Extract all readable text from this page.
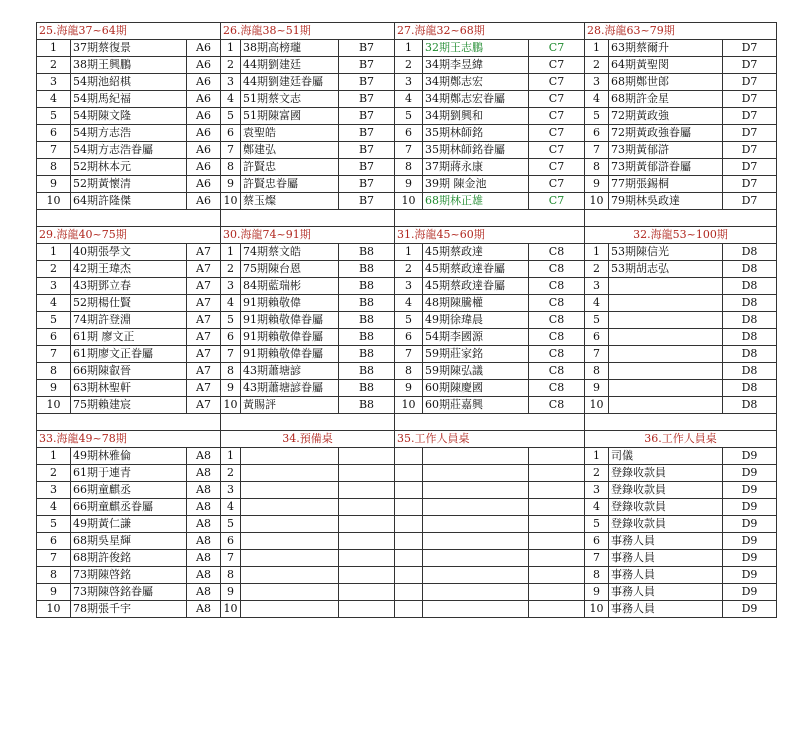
25.海龍37~64期			26.海龍38~51期			27.海龍32~68期			28.海龍63~79期		
1	37期蔡復景	A6	1	38期高榜瓏	B7	1	32期王志鵬	C7	1	63期蔡爾升	D7
2	38期王興鵬	A6	2	44期劉建廷	B7	2	34期李昱緯	C7	2	64期黃聖閔	D7
3	54期池紹棋	A6	3	44期劉建廷眷屬	B7	3	34期鄭志宏	C7	3	68期鄭世郎	D7
4	54期馬紀福	A6	4	51期蔡文志	B7	4	34期鄭志宏眷屬	C7	4	68期許金星	D7
5	54期陳文隆	A6	5	51期陳富國	B7	5	34期劉興和	C7	5	72期黃政強	D7
6	54期方志浩	A6	6	袁聖皓	B7	6	35期林師銘	C7	6	72期黃政強眷屬	D7
7	54期方志浩眷屬	A6	7	鄭建弘	B7	7	35期林師銘眷屬	C7	7	73期黃郁滸	D7
8	52期林本元	A6	8	許賢忠	B7	8	37期蔣永康	C7	8	73期黃郁滸眷屬	D7
9	52期黃懷清	A6	9	許賢忠眷屬	B7	9	39期 陳金池	C7	9	77期張錫桐	D7
10	64期許隆傑	A6	10	蔡玉燦	B7	10	68期林正雄	C7	10	79期林吳政達	D7

29.海龍40~75期			30.海龍74~91期			31.海龍45~60期			32.海龍53~100期		
1	40期張學文	A7	1	74期蔡文皓	B8	1	45期蔡政達	C8	1	53期陳信光	D8
2	42期王瑋杰	A7	2	75期陳台恩	B8	2	45期蔡政達眷屬	C8	2	53期胡志弘	D8
3	43期鄧立春	A7	3	84期藍瑞彬	B8	3	45期蔡政達眷屬	C8	3		D8
4	52期楊仕賢	A7	4	91期賴敬偉	B8	4	48期陳騰權	C8	4		D8
5	74期許登淵	A7	5	91期賴敬偉眷屬	B8	5	49期徐瑋晨	C8	5		D8
6	61期 廖文正	A7	6	91期賴敬偉眷屬	B8	6	54期李國源	C8	6		D8
7	61期廖文正眷屬	A7	7	91期賴敬偉眷屬	B8	7	59期莊家銘	C8	7		D8
8	66期陳叡晉	A7	8	43期蕭塘諺	B8	8	59期陳弘議	C8	8		D8
9	63期林聖軒	A7	9	43期蕭塘諺眷屬	B8	9	60期陳慶國	C8	9		D8
10	75期賴建宸	A7	10	黃賜評	B8	10	60期莊嘉興	C8	10		D8

33.海龍49~78期			34.預備桌			35.工作人員桌			36.工作人員桌		
1	49期林雅倫	A8	1						1	司儀	D9
2	61期于連青	A8	2						2	登錄收款員	D9
3	66期童麒丞	A8	3						3	登錄收款員	D9
4	66期童麒丞眷屬	A8	4						4	登錄收款員	D9
5	49期黃仁謙	A8	5						5	登錄收款員	D9
6	68期吳星輝	A8	6						6	事務人員	D9
7	68期許俊銘	A8	7						7	事務人員	D9
8	73期陳啓銘	A8	8						8	事務人員	D9
9	73期陳啓銘眷屬	A8	9						9	事務人員	D9
10	78期張千宇	A8	10						10	事務人員	D9
